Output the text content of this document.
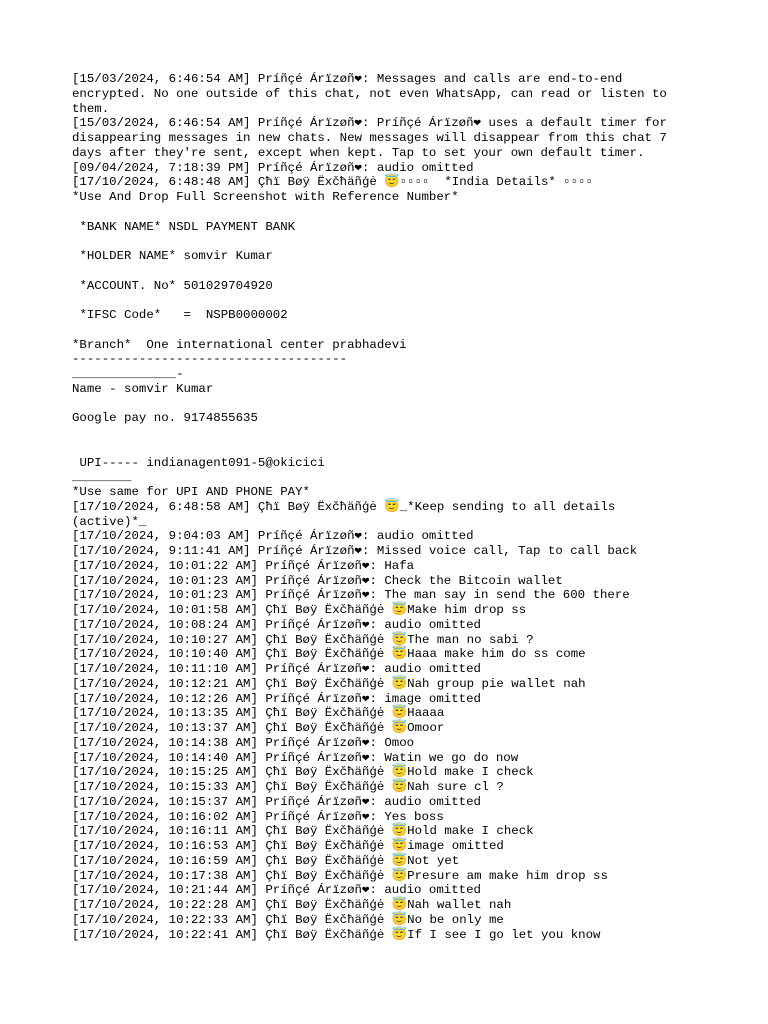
[15/03/2024, 6:46:54 AM] Príñçé Árïzøñ❤: Messages and calls are end-to-end encrypted. No one outside of this chat, not even WhatsApp, can read or listen to them.
[15/03/2024, 6:46:54 AM] Príñçé Árïzøñ❤: Príñçé Árïzøñ❤ uses a default timer for disappearing messages in new chats. New messages will disappear from this chat 7 days after they're sent, except when kept. Tap to set your own default timer.
[09/04/2024, 7:18:39 PM] Príñçé Árïzøñ❤: audio omitted
[17/10/2024, 6:48:48 AM] Çħï Bøÿ Ëxčħäñģė 😇▫▫▫▫  *India Details* ▫▫▫▫
*Use And Drop Full Screenshot with Reference Number*
*BANK NAME* NSDL PAYMENT BANK
*HOLDER NAME* somvir Kumar
*ACCOUNT. No* 501029704920
*IFSC Code*   =  NSPB0000002
*Branch*  One international center prabhadevi
-------------------------------------
______________-
Name - somvir Kumar
Google pay no. 9174855635
UPI----- indianagent091-5@okicici
________
*Use same for UPI AND PHONE PAY*
[17/10/2024, 6:48:58 AM] Çħï Bøÿ Ëxčħäñģė 😇_*Keep sending to all details (active)*_
[17/10/2024, 9:04:03 AM] Príñçé Árïzøñ❤: audio omitted
[17/10/2024, 9:11:41 AM] Príñçé Árïzøñ❤: Missed voice call, Tap to call back
[17/10/2024, 10:01:22 AM] Príñçé Árïzøñ❤: Hafa
[17/10/2024, 10:01:23 AM] Príñçé Árïzøñ❤: Check the Bitcoin wallet
[17/10/2024, 10:01:23 AM] Príñçé Árïzøñ❤: The man say in send the 600 there
[17/10/2024, 10:01:58 AM] Çħï Bøÿ Ëxčħäñģė 😇Make him drop ss
[17/10/2024, 10:08:24 AM] Príñçé Árïzøñ❤: audio omitted
[17/10/2024, 10:10:27 AM] Çħï Bøÿ Ëxčħäñģė 😇The man no sabi ?
[17/10/2024, 10:10:40 AM] Çħï Bøÿ Ëxčħäñģė 😇Haaa make him do ss come
[17/10/2024, 10:11:10 AM] Príñçé Árïzøñ❤: audio omitted
[17/10/2024, 10:12:21 AM] Çħï Bøÿ Ëxčħäñģė 😇Nah group pie wallet nah
[17/10/2024, 10:12:26 AM] Príñçé Árïzøñ❤: image omitted
[17/10/2024, 10:13:35 AM] Çħï Bøÿ Ëxčħäñģė 😇Haaaa
[17/10/2024, 10:13:37 AM] Çħï Bøÿ Ëxčħäñģė 😇Omoor
[17/10/2024, 10:14:38 AM] Príñçé Árïzøñ❤: Omoo
[17/10/2024, 10:14:40 AM] Príñçé Árïzøñ❤: Watin we go do now
[17/10/2024, 10:15:25 AM] Çħï Bøÿ Ëxčħäñģė 😇Hold make I check
[17/10/2024, 10:15:33 AM] Çħï Bøÿ Ëxčħäñģė 😇Nah sure cl ?
[17/10/2024, 10:15:37 AM] Príñçé Árïzøñ❤: audio omitted
[17/10/2024, 10:16:02 AM] Príñçé Árïzøñ❤: Yes boss
[17/10/2024, 10:16:11 AM] Çħï Bøÿ Ëxčħäñģė 😇Hold make I check
[17/10/2024, 10:16:53 AM] Çħï Bøÿ Ëxčħäñģė 😇image omitted
[17/10/2024, 10:16:59 AM] Çħï Bøÿ Ëxčħäñģė 😇Not yet
[17/10/2024, 10:17:38 AM] Çħï Bøÿ Ëxčħäñģė 😇Presure am make him drop ss
[17/10/2024, 10:21:44 AM] Príñçé Árïzøñ❤: audio omitted
[17/10/2024, 10:22:28 AM] Çħï Bøÿ Ëxčħäñģė 😇Nah wallet nah
[17/10/2024, 10:22:33 AM] Çħï Bøÿ Ëxčħäñģė 😇No be only me
[17/10/2024, 10:22:41 AM] Çħï Bøÿ Ëxčħäñģė 😇If I see I go let you know
